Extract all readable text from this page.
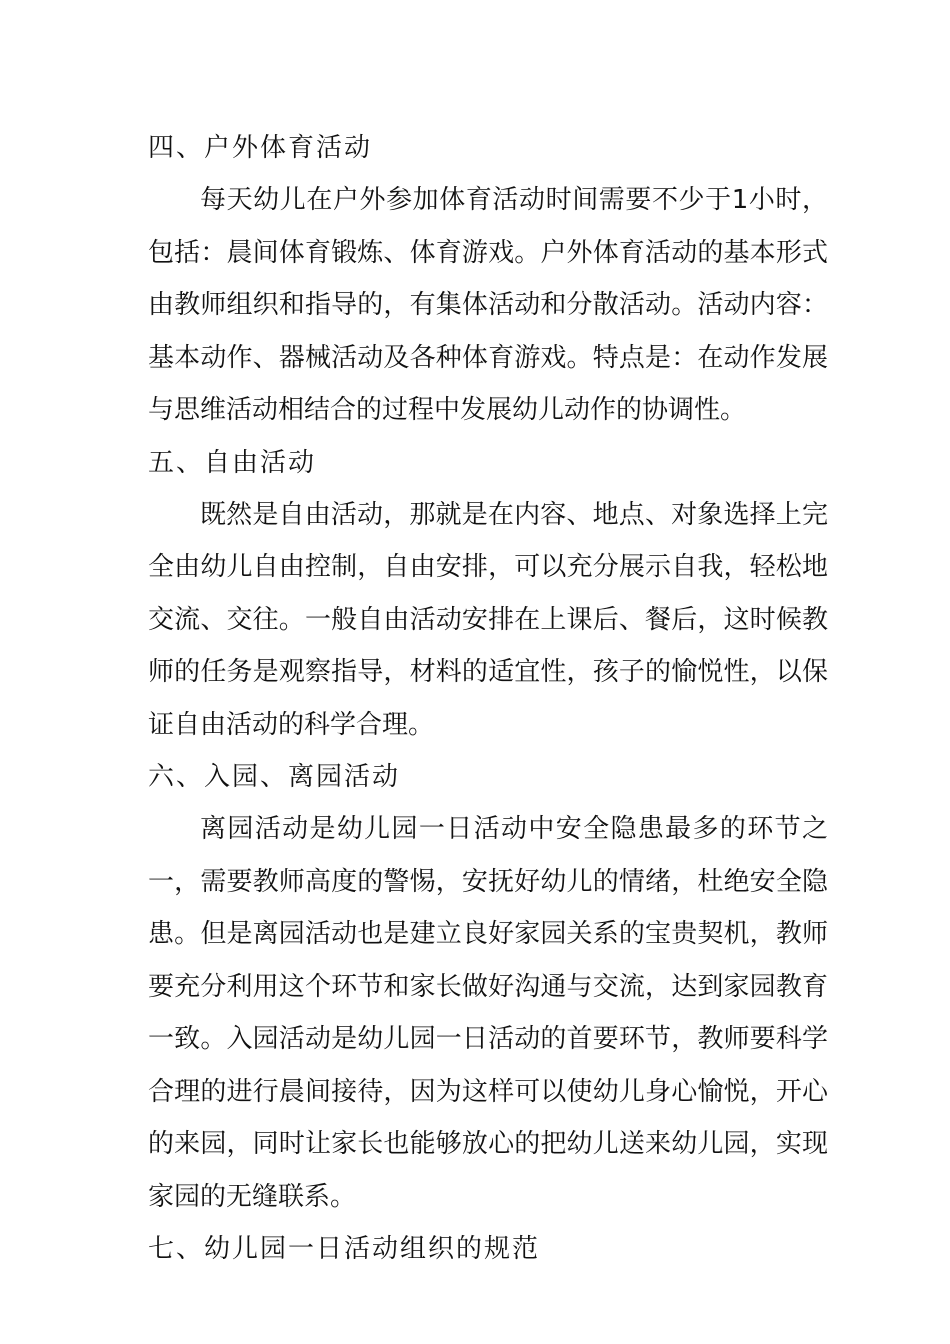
四、户外体育活动
每天幼儿在户外参加体育活动时间需要不少于1小时，包括：晨间体育锻炼、体育游戏。户外体育活动的基本形式由教师组织和指导的，有集体活动和分散活动。活动内容：基本动作、器械活动及各种体育游戏。特点是：在动作发展与思维活动相结合的过程中发展幼儿动作的协调性。
五、自由活动
既然是自由活动，那就是在内容、地点、对象选择上完全由幼儿自由控制，自由安排，可以充分展示自我，轻松地交流、交往。一般自由活动安排在上课后、餐后，这时候教师的任务是观察指导，材料的适宜性，孩子的愉悦性，以保证自由活动的科学合理。
六、入园、离园活动
离园活动是幼儿园一日活动中安全隐患最多的环节之一，需要教师高度的警惕，安抚好幼儿的情绪，杜绝安全隐患。但是离园活动也是建立良好家园关系的宝贵契机，教师要充分利用这个环节和家长做好沟通与交流，达到家园教育一致。入园活动是幼儿园一日活动的首要环节，教师要科学合理的进行晨间接待，因为这样可以使幼儿身心愉悦，开心的来园，同时让家长也能够放心的把幼儿送来幼儿园，实现家园的无缝联系。
七、幼儿园一日活动组织的规范
